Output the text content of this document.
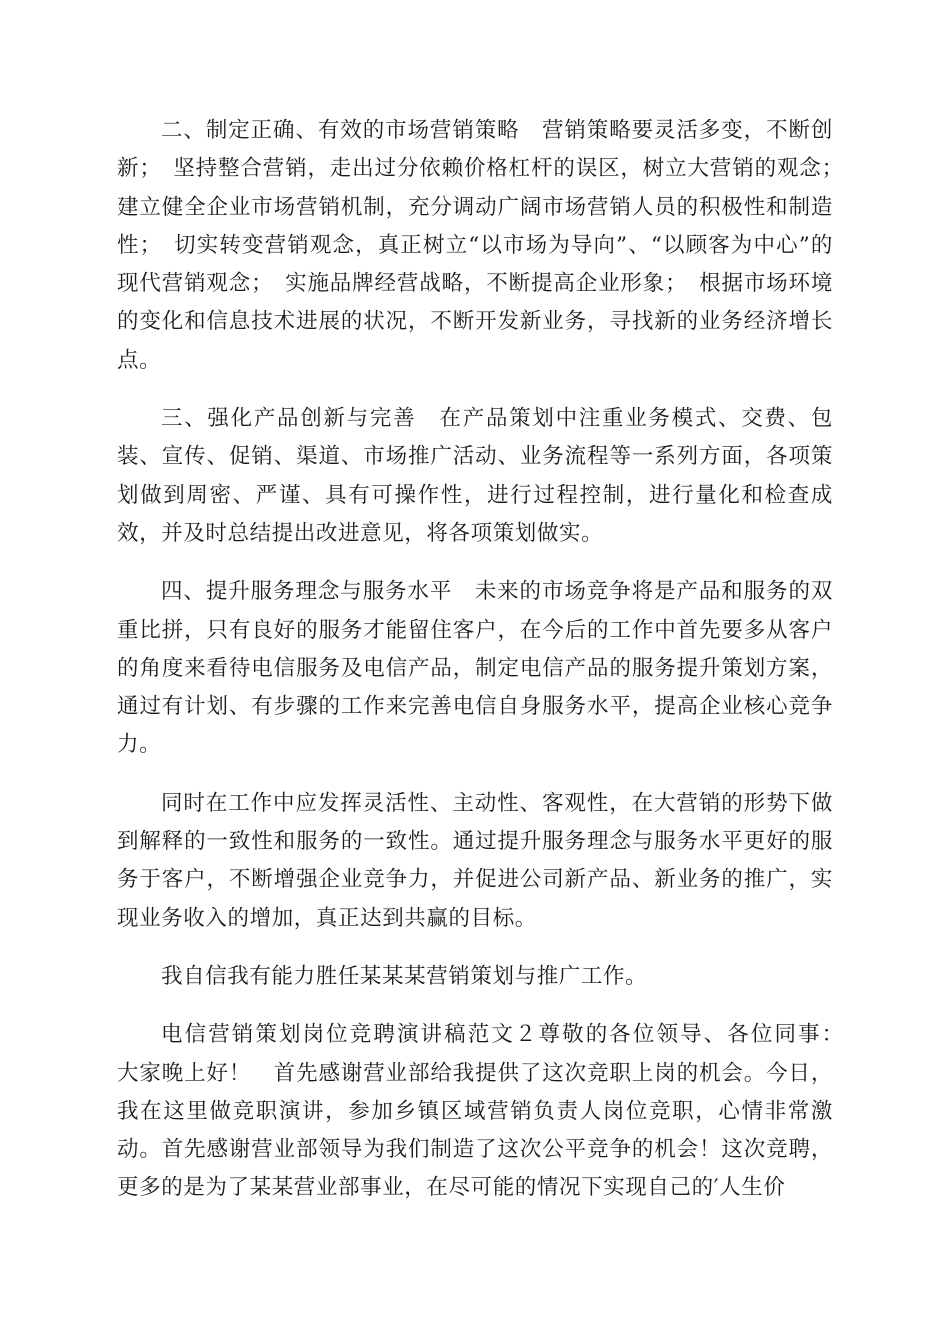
二、制定正确、有效的市场营销策略　营销策略要灵活多变，不断创新；　坚持整合营销，走出过分依赖价格杠杆的误区，树立大营销的观念；　建立健全企业市场营销机制，充分调动广阔市场营销人员的积极性和制造性；　切实转变营销观念，真正树立“以市场为导向”、“以顾客为中心”的现代营销观念；　实施品牌经营战略，不断提高企业形象；　根据市场环境的变化和信息技术进展的状况，不断开发新业务，寻找新的业务经济增长点。

三、强化产品创新与完善　在产品策划中注重业务模式、交费、包装、宣传、促销、渠道、市场推广活动、业务流程等一系列方面，各项策划做到周密、严谨、具有可操作性，进行过程控制，进行量化和检查成效，并及时总结提出改进意见，将各项策划做实。

四、提升服务理念与服务水平　未来的市场竞争将是产品和服务的双重比拼，只有良好的服务才能留住客户，在今后的工作中首先要多从客户的角度来看待电信服务及电信产品，制定电信产品的服务提升策划方案，通过有计划、有步骤的工作来完善电信自身服务水平，提高企业核心竞争力。

同时在工作中应发挥灵活性、主动性、客观性，在大营销的形势下做到解释的一致性和服务的一致性。通过提升服务理念与服务水平更好的服务于客户，不断增强企业竞争力，并促进公司新产品、新业务的推广，实现业务收入的增加，真正达到共赢的目标。

我自信我有能力胜任某某某营销策划与推广工作。

电信营销策划岗位竞聘演讲稿范文２尊敬的各位领导、各位同事：　大家晚上好！　首先感谢营业部给我提供了这次竞职上岗的机会。今日，我在这里做竞职演讲，参加乡镇区域营销负责人岗位竞职，心情非常激动。首先感谢营业部领导为我们制造了这次公平竞争的机会！这次竞聘，更多的是为了某某营业部事业，在尽可能的情况下实现自己的′人生价
